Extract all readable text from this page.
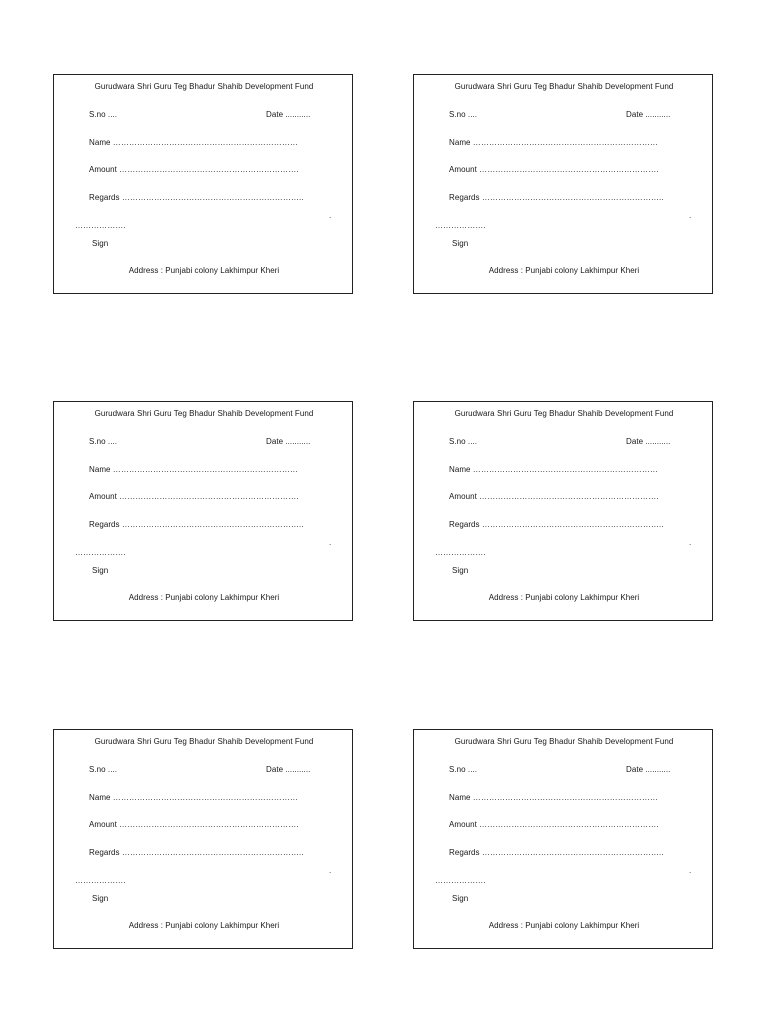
Gurudwara Shri Guru Teg Bhadur Shahib Development Fund
S.no ....	Date ...........
Name ……………………………………………………………
Amount ………………………………………………………….
Regards …………………………………………………………..
.
……………….
Sign
Address : Punjabi colony Lakhimpur Kheri
Gurudwara Shri Guru Teg Bhadur Shahib Development Fund
S.no ....	Date ...........
Name ……………………………………………………………
Amount ………………………………………………………….
Regards …………………………………………………………..
.
……………….
Sign
Address : Punjabi colony Lakhimpur Kheri
Gurudwara Shri Guru Teg Bhadur Shahib Development Fund
S.no ....	Date ...........
Name ……………………………………………………………
Amount ………………………………………………………….
Regards …………………………………………………………..
.
……………….
Sign
Address : Punjabi colony Lakhimpur Kheri
Gurudwara Shri Guru Teg Bhadur Shahib Development Fund
S.no ....	Date ...........
Name ……………………………………………………………
Amount ………………………………………………………….
Regards …………………………………………………………..
.
……………….
Sign
Address : Punjabi colony Lakhimpur Kheri
Gurudwara Shri Guru Teg Bhadur Shahib Development Fund
S.no ....	Date ...........
Name ……………………………………………………………
Amount ………………………………………………………….
Regards …………………………………………………………..
.
……………….
Sign
Address : Punjabi colony Lakhimpur Kheri
Gurudwara Shri Guru Teg Bhadur Shahib Development Fund
S.no ....	Date ...........
Name ……………………………………………………………
Amount ………………………………………………………….
Regards …………………………………………………………..
.
……………….
Sign
Address : Punjabi colony Lakhimpur Kheri
